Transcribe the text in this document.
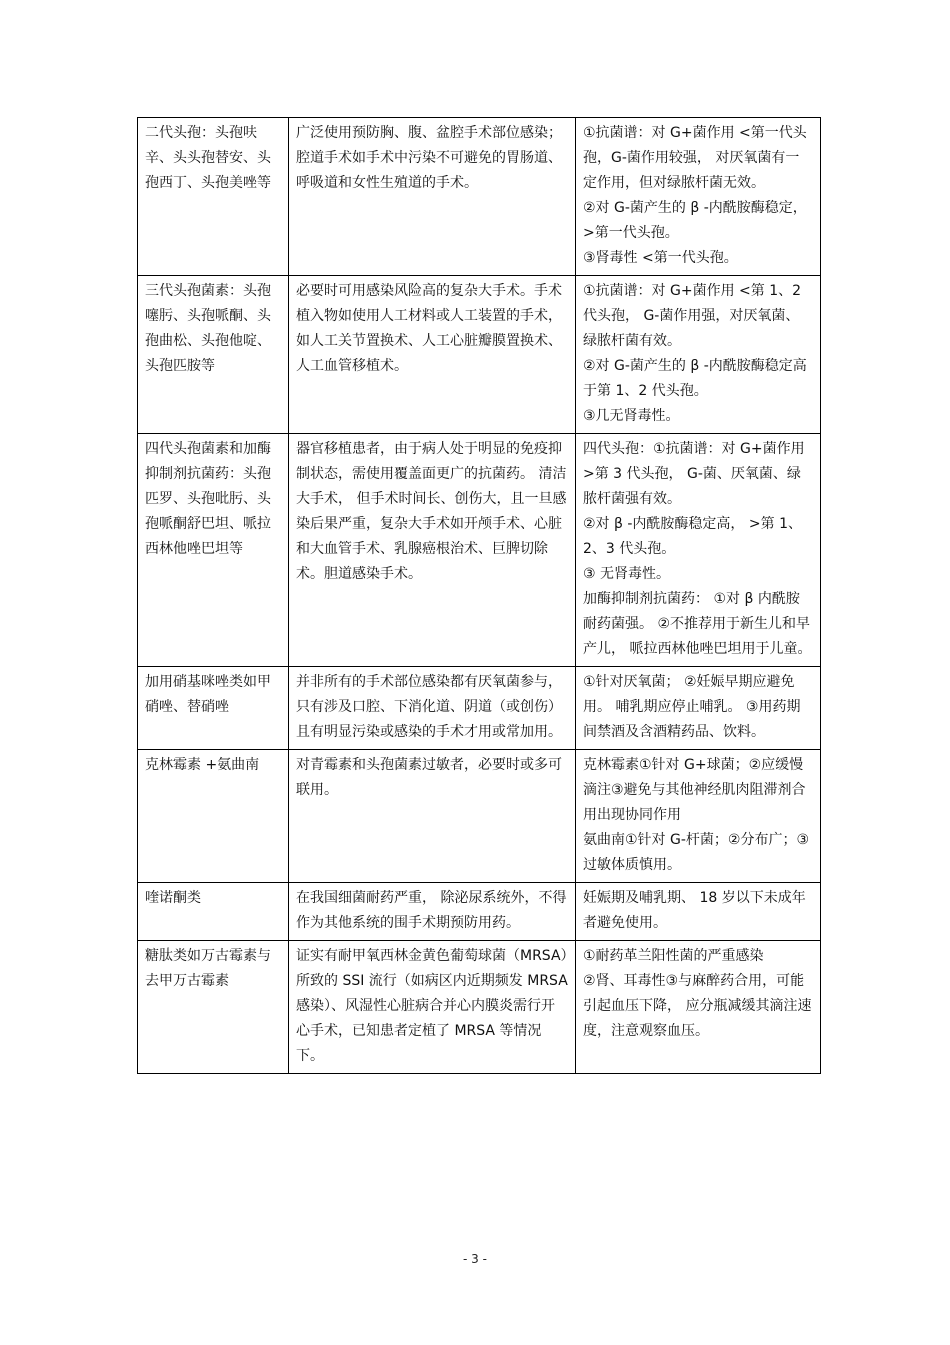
二代头孢：头孢呋辛、头头孢替安、头孢西丁、头孢美唑等	广泛使用预防胸、腹、盆腔手术部位感染；腔道手术如手术中污染不可避免的胃肠道、呼吸道和女性生殖道的手术。	①抗菌谱：对 G+菌作用 <第一代头孢，G-菌作用较强， 对厌氧菌有一定作用，但对绿脓杆菌无效。
②对 G-菌产生的 β -内酰胺酶稳定， >第一代头孢。
③肾毒性 <第一代头孢。

三代头孢菌素：头孢噻肟、头孢哌酮、头孢曲松、头孢他啶、头孢匹胺等	必要时可用感染风险高的复杂大手术。手术植入物如使用人工材料或人工装置的手术，如人工关节置换术、人工心脏瓣膜置换术、人工血管移植术。	①抗菌谱：对 G+菌作用 <第 1、2 代头孢， G-菌作用强，对厌氧菌、绿脓杆菌有效。
②对 G-菌产生的 β -内酰胺酶稳定高于第 1、2 代头孢。
③几无肾毒性。

四代头孢菌素和加酶抑制剂抗菌药：头孢匹罗、头孢吡肟、头孢哌酮舒巴坦、哌拉西林他唑巴坦等	器官移植患者，由于病人处于明显的免疫抑制状态，需使用覆盖面更广的抗菌药。 清洁大手术， 但手术时间长、创伤大，且一旦感染后果严重，复杂大手术如开颅手术、心脏和大血管手术、乳腺癌根治术、巨脾切除术。胆道感染手术。	四代头孢：①抗菌谱：对 G+菌作用 >第 3 代头孢， G-菌、厌氧菌、绿脓杆菌强有效。
②对 β -内酰胺酶稳定高， >第 1、2、3 代头孢。
③ 无肾毒性。
加酶抑制剂抗菌药： ①对 β 内酰胺耐药菌强。 ②不推荐用于新生儿和早产儿， 哌拉西林他唑巴坦用于儿童。

加用硝基咪唑类如甲硝唑、替硝唑	并非所有的手术部位感染都有厌氧菌参与，只有涉及口腔、下消化道、阴道（或创伤）且有明显污染或感染的手术才用或常加用。	①针对厌氧菌； ②妊娠早期应避免用。 哺乳期应停止哺乳。 ③用药期间禁酒及含酒精药品、饮料。

克林霉素 +氨曲南	对青霉素和头孢菌素过敏者，必要时或多可联用。	克林霉素①针对 G+球菌；②应缓慢滴注③避免与其他神经肌肉阻滞剂合用出现协同作用
氨曲南①针对 G-杆菌；②分布广；③过敏体质慎用。

喹诺酮类	在我国细菌耐药严重， 除泌尿系统外，不得作为其他系统的围手术期预防用药。	妊娠期及哺乳期、 18 岁以下未成年者避免使用。

糖肽类如万古霉素与去甲万古霉素	证实有耐甲氧西林金黄色葡萄球菌（MRSA）所致的 SSI 流行（如病区内近期频发 MRSA 感染）、风湿性心脏病合并心内膜炎需行开心手术，已知患者定植了 MRSA 等情况下。	①耐药革兰阳性菌的严重感染
②肾、耳毒性③与麻醉药合用，可能引起血压下降， 应分瓶减缓其滴注速度，注意观察血压。
- 3 -
